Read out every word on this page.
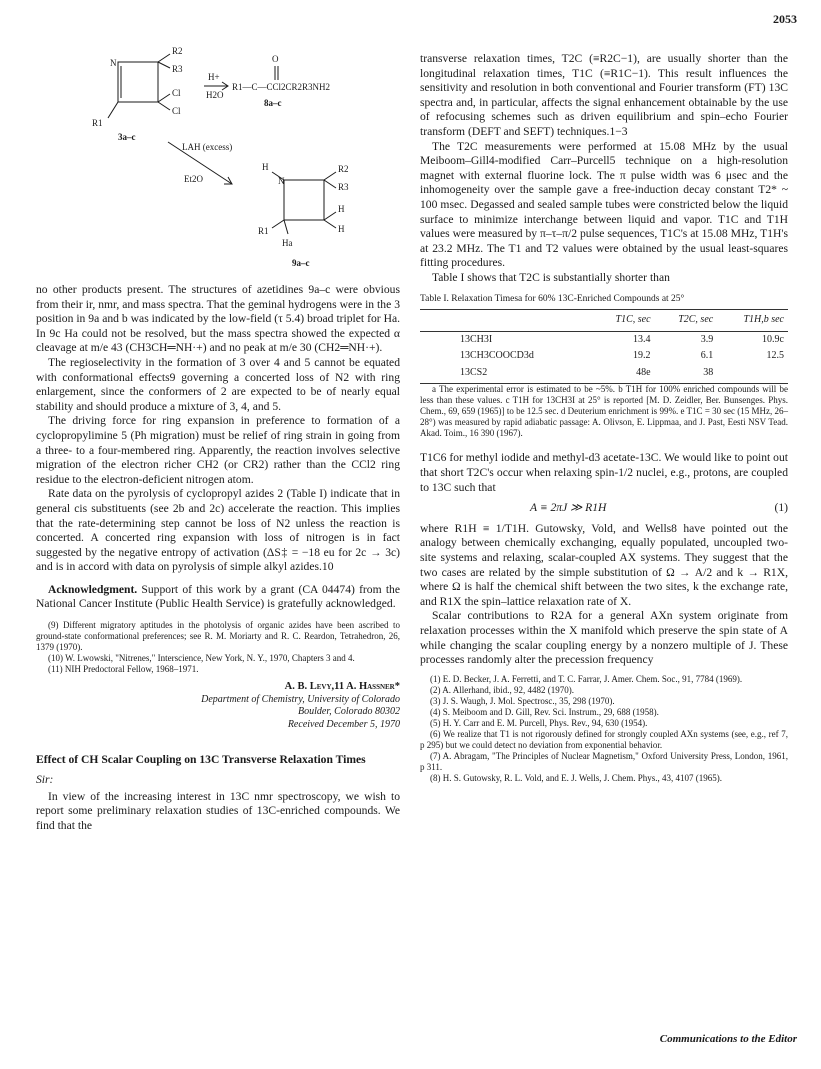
2053
N
R2
R3
Cl
Cl
R1
3a–c
H+
H2O
O
R1—C—CCl2CR2R3NH2
8a–c
LAH (excess)
Et2O
H
N
R2
R3
H
H
R1
Ha
9a–c

no other products present. The structures of azetidines 9a–c were obvious from their ir, nmr, and mass spectra. That the geminal hydrogens were in the 3 position in 9a and b was indicated by the low-field (τ 5.4) broad triplet for Ha. In 9c Ha could not be resolved, but the mass spectra showed the expected α cleavage at m/e 43 (CH3CH═NH·+) and no peak at m/e 30 (CH2═NH·+).

The regioselectivity in the formation of 3 over 4 and 5 cannot be equated with conformational effects9 governing a concerted loss of N2 with ring enlargement, since the conformers of 2 are expected to be of nearly equal stability and should produce a mixture of 3, 4, and 5.

The driving force for ring expansion in preference to formation of a cyclopropylimine 5 (Ph migration) must be relief of ring strain in going from a three- to a four-membered ring. Apparently, the reaction involves selective migration of the electron richer CH2 (or CR2) rather than the CCl2 ring residue to the electron-deficient nitrogen atom.

Rate data on the pyrolysis of cyclopropyl azides 2 (Table I) indicate that in general cis substituents (see 2b and 2c) accelerate the reaction. This implies that the rate-determining step cannot be loss of N2 unless the reaction is concerted. A concerted ring expansion with loss of nitrogen is in fact suggested by the negative entropy of activation (ΔS‡ = −18 eu for 2c → 3c) and is in accord with data on pyrolysis of simple alkyl azides.10

Acknowledgment. Support of this work by a grant (CA 04474) from the National Cancer Institute (Public Health Service) is gratefully acknowledged.

(9) Different migratory aptitudes in the photolysis of organic azides have been ascribed to ground-state conformational preferences; see R. M. Moriarty and R. C. Reardon, Tetrahedron, 26, 1379 (1970).

(10) W. Lwowski, "Nitrenes," Interscience, New York, N. Y., 1970, Chapters 3 and 4.

(11) NIH Predoctoral Fellow, 1968–1971.

A. B. Levy,11 A. Hassner*
Department of Chemistry, University of Colorado
Boulder, Colorado 80302
Received December 5, 1970
Effect of CH Scalar Coupling on 13C Transverse Relaxation Times
Sir:

In view of the increasing interest in 13C nmr spectroscopy, we wish to report some preliminary relaxation studies of 13C-enriched compounds. We find that the

transverse relaxation times, T2C (≡R2C−1), are usually shorter than the longitudinal relaxation times, T1C (≡R1C−1). This result influences the sensitivity and resolution in both conventional and Fourier transform (FT) 13C spectra and, in particular, affects the signal enhancement obtainable by the use of refocusing schemes such as driven equilibrium and spin–echo Fourier transform (DEFT and SEFT) techniques.1−3

The T2C measurements were performed at 15.08 MHz by the usual Meiboom–Gill4-modified Carr–Purcell5 technique on a high-resolution magnet with external fluorine lock. The π pulse width was 6 μsec and the inhomogeneity over the sample gave a free-induction decay constant T2* ~ 100 msec. Degassed and sealed sample tubes were constricted below the liquid surface to minimize interchange between liquid and vapor. T1C and T1H values were measured by π–τ–π/2 pulse sequences, T1C's at 15.08 MHz, T1H's at 23.2 MHz. The T1 and T2 values were obtained by the usual least-squares fitting procedures.

Table I shows that T2C is substantially shorter than

Table I. Relaxation Timesa for 60% 13C-Enriched Compounds at 25°
	T1C, sec	T2C, sec	T1H,b sec
13CH3I	13.4	3.9	10.9c
13CH3COOCD3d	19.2	6.1	12.5
13CS2	48e	38	

a The experimental error is estimated to be ~5%. b T1H for 100% enriched compounds will be less than these values. c T1H for 13CH3I at 25° is reported [M. D. Zeidler, Ber. Bunsenges. Phys. Chem., 69, 659 (1965)] to be 12.5 sec. d Deuterium enrichment is 99%. e T1C = 30 sec (15 MHz, 26–28°) was measured by rapid adiabatic passage: A. Olivson, E. Lippmaa, and J. Past, Eesti NSV Tead. Akad. Toim., 16 390 (1967).

T1C6 for methyl iodide and methyl-d3 acetate-13C. We would like to point out that short T2C's occur when relaxing spin-1/2 nuclei, e.g., protons, are coupled to 13C such that

A ≡ 2πJ ≫ R1H	(1)

where R1H ≡ 1/T1H. Gutowsky, Vold, and Wells8 have pointed out the analogy between chemically exchanging, equally populated, uncoupled two-site systems and relaxing, scalar-coupled AX systems. They suggest that the two cases are related by the simple substitution of Ω → A/2 and k → R1X, where Ω is half the chemical shift between the two sites, k the exchange rate, and R1X the spin–lattice relaxation rate of X.

Scalar contributions to R2A for a general AXn system originate from relaxation processes within the X manifold which preserve the spin state of A while changing the scalar coupling energy by a nonzero multiple of J. These processes randomly alter the precession frequency

(1) E. D. Becker, J. A. Ferretti, and T. C. Farrar, J. Amer. Chem. Soc., 91, 7784 (1969).

(2) A. Allerhand, ibid., 92, 4482 (1970).

(3) J. S. Waugh, J. Mol. Spectrosc., 35, 298 (1970).

(4) S. Meiboom and D. Gill, Rev. Sci. Instrum., 29, 688 (1958).

(5) H. Y. Carr and E. M. Purcell, Phys. Rev., 94, 630 (1954).

(6) We realize that T1 is not rigorously defined for strongly coupled AXn systems (see, e.g., ref 7, p 295) but we could detect no deviation from exponential behavior.

(7) A. Abragam, "The Principles of Nuclear Magnetism," Oxford University Press, London, 1961, p 311.

(8) H. S. Gutowsky, R. L. Vold, and E. J. Wells, J. Chem. Phys., 43, 4107 (1965).

Communications to the Editor
